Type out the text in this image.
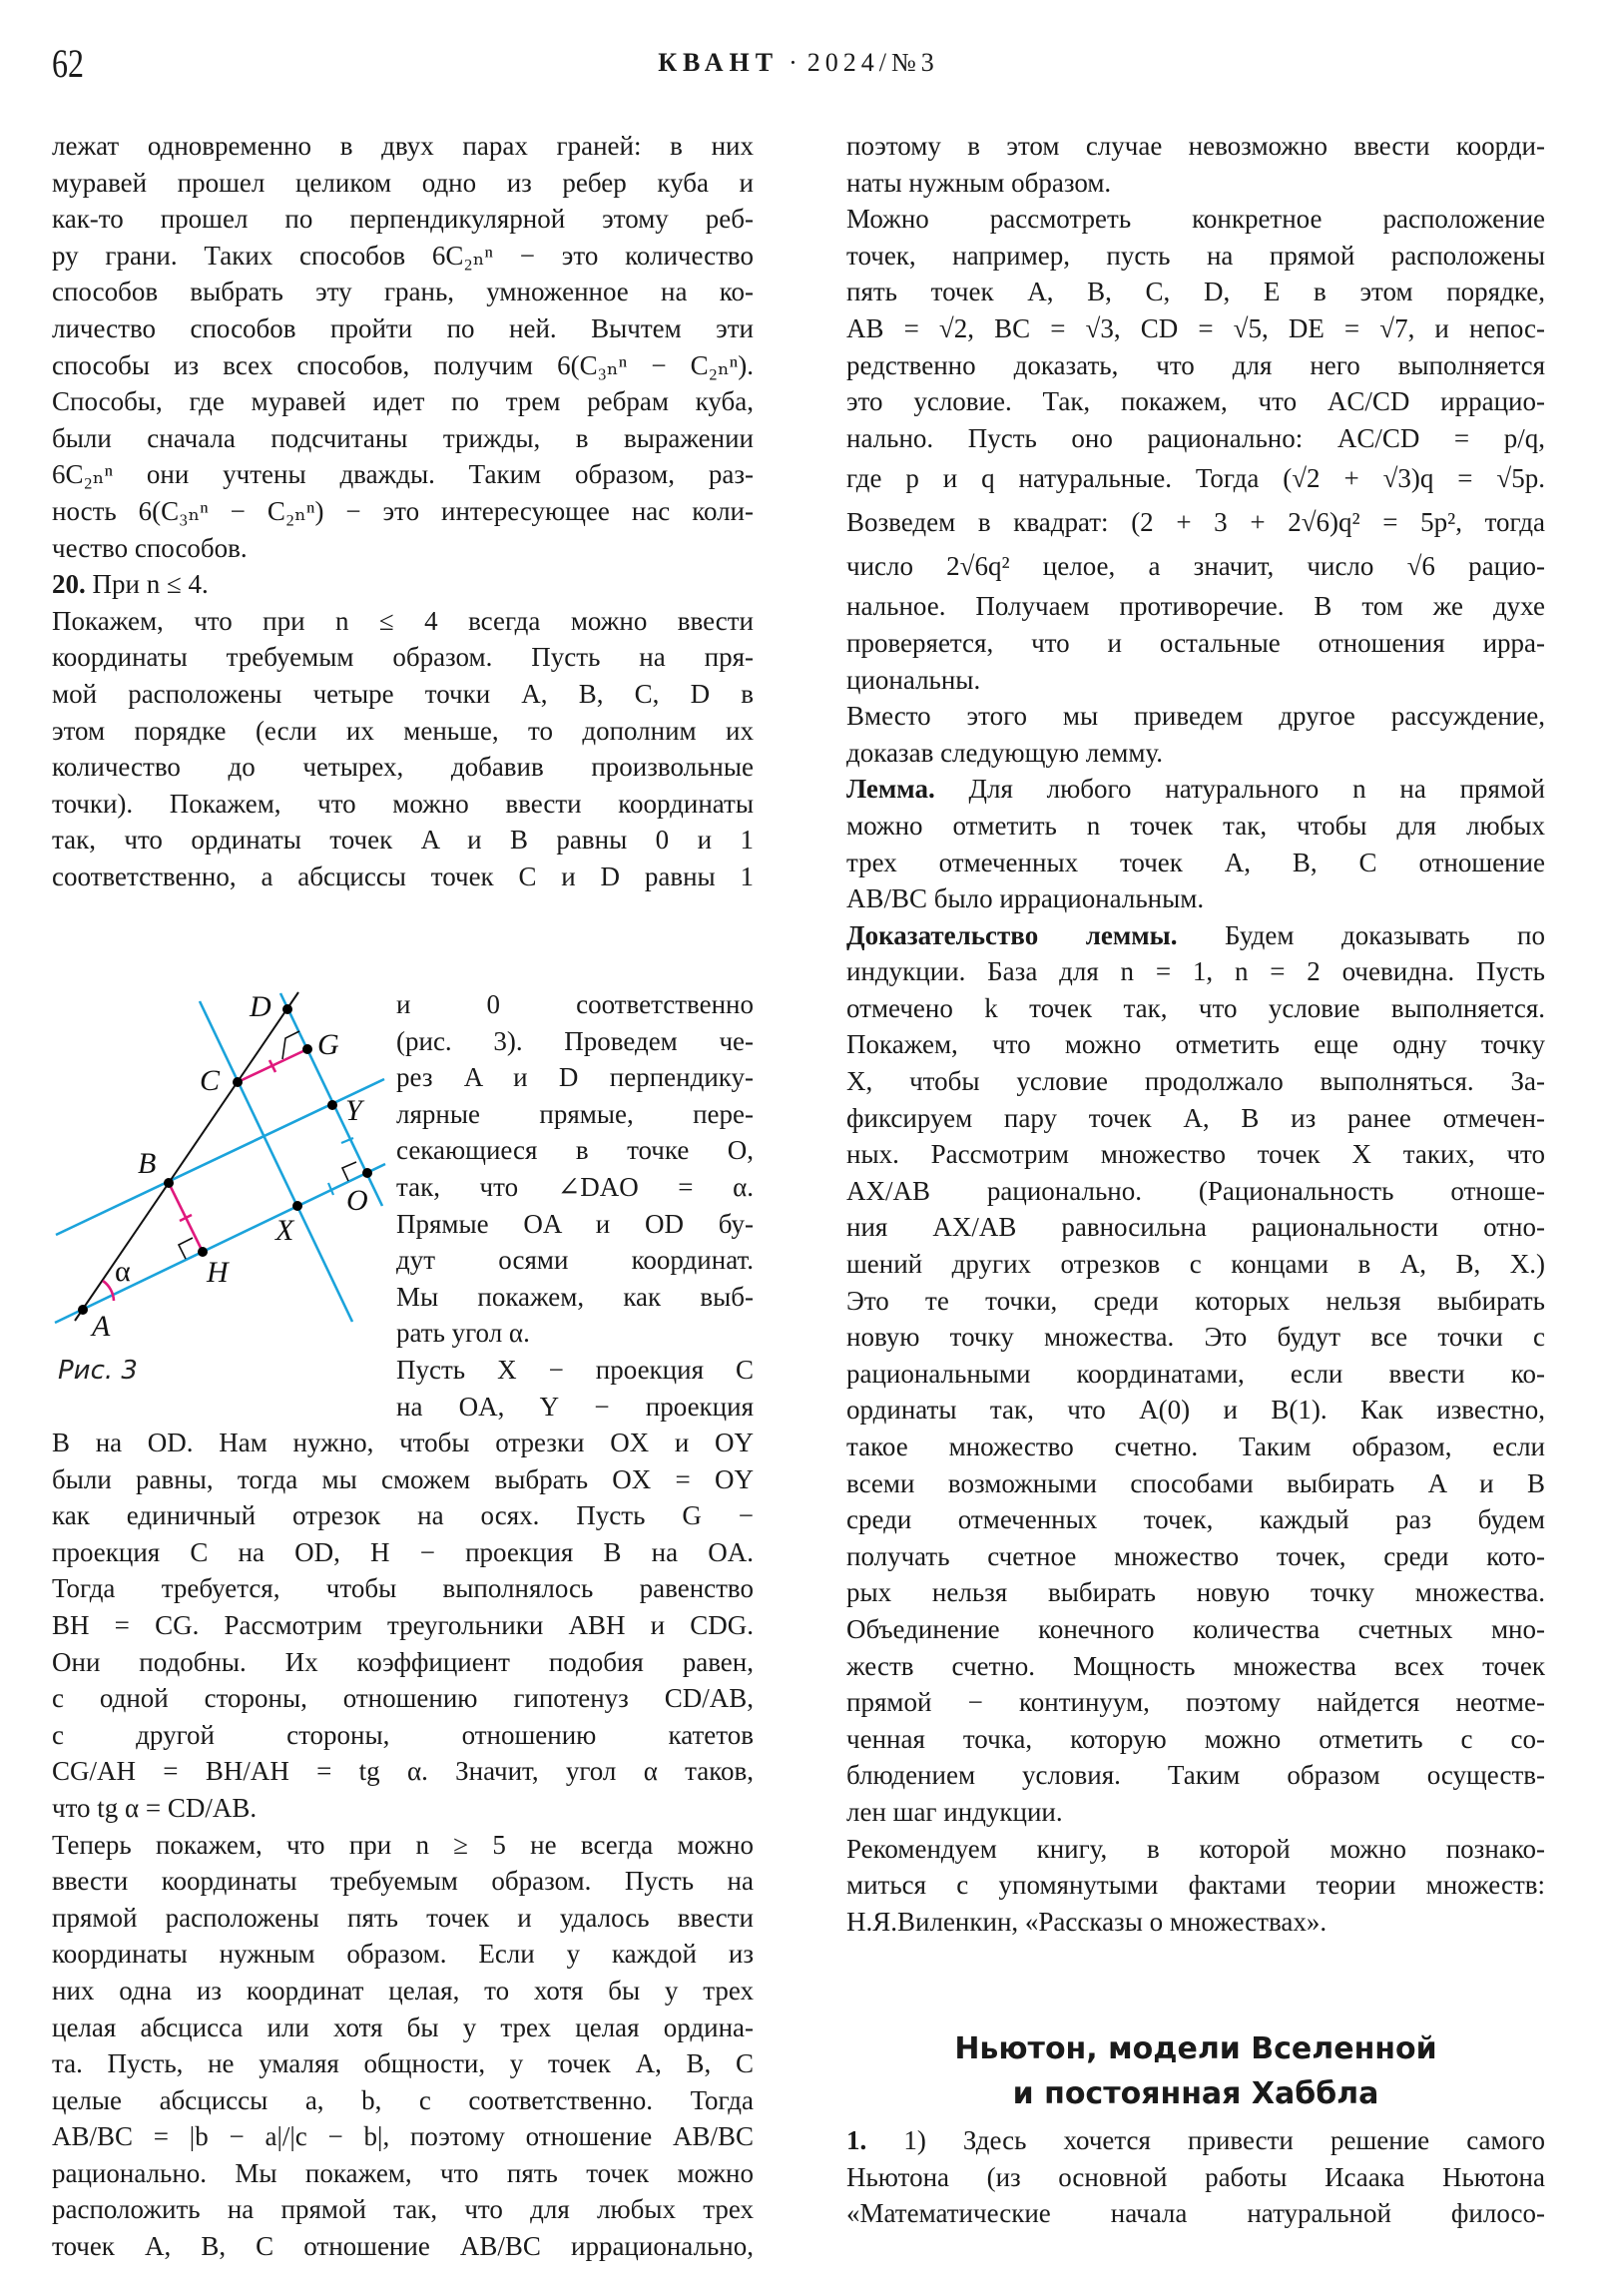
62	КВАНТ · 2024/№3
лежат одновременно в двух парах граней: в них
муравей прошел целиком одно из ребер куба и
как-то прошел по перпендикулярной этому реб-
ру грани. Таких способов 6C₂ₙⁿ − это количество
способов выбрать эту грань, умноженное на ко-
личество способов пройти по ней. Вычтем эти
способы из всех способов, получим 6(C₃ₙⁿ − C₂ₙⁿ).
Способы, где муравей идет по трем ребрам куба,
были сначала подсчитаны трижды, в выражении
6C₂ₙⁿ они учтены дважды. Таким образом, раз-
ность 6(C₃ₙⁿ − C₂ₙⁿ) − это интересующее нас коли-
чество способов.
20. При n ≤ 4.
Покажем, что при n ≤ 4 всегда можно ввести
координаты требуемым образом. Пусть на пря-
мой расположены четыре точки A, B, C, D в
этом порядке (если их меньше, то дополним их
количество до четырех, добавив произвольные
точки). Покажем, что можно ввести координаты
так, что ординаты точек A и B равны 0 и 1
соответственно, а абсциссы точек C и D равны 1
и 0 соответственно
(рис. 3). Проведем че-
рез A и D перпендику-
лярные прямые, пере-
секающиеся в точке O,
так, что ∠DAO = α.
Прямые OA и OD бу-
дут осями координат.
Мы покажем, как выб-
рать угол α.
Пусть X − проекция C
на OA, Y − проекция
B на OD. Нам нужно, чтобы отрезки OX и OY
были равны, тогда мы сможем выбрать OX = OY
как единичный отрезок на осях. Пусть G −
проекция C на OD, H − проекция B на OA.
Тогда требуется, чтобы выполнялось равенство
BH = CG. Рассмотрим треугольники ABH и CDG.
Они подобны. Их коэффициент подобия равен,
с одной стороны, отношению гипотенуз CD/AB,
с другой стороны, отношению катетов
CG/AH = BH/AH = tg α. Значит, угол α таков,
что tg α = CD/AB.
Теперь покажем, что при n ≥ 5 не всегда можно
ввести координаты требуемым образом. Пусть на
прямой расположены пять точек и удалось ввести
координаты нужным образом. Если у каждой из
них одна из координат целая, то хотя бы у трех
целая абсцисса или хотя бы у трех целая ордина-
та. Пусть, не умаляя общности, у точек A, B, C
целые абсциссы a, b, c соответственно. Тогда
AB/BC = |b − a|/|c − b|, поэтому отношение AB/BC
рационально. Мы покажем, что пять точек можно
расположить на прямой так, что для любых трех
точек A, B, C отношение AB/BC иррационально,
поэтому в этом случае невозможно ввести коорди-
наты нужным образом.
Можно рассмотреть конкретное расположение
точек, например, пусть на прямой расположены
пять точек A, B, C, D, E в этом порядке,
AB = √2, BC = √3, CD = √5, DE = √7, и непос-
редственно доказать, что для него выполняется
это условие. Так, покажем, что AC/CD иррацио-
нально. Пусть оно рационально: AC/CD = p/q,
где p и q натуральные. Тогда (√2 + √3)q = √5p.
Возведем в квадрат: (2 + 3 + 2√6)q² = 5p², тогда
число 2√6q² целое, а значит, число √6 рацио-
нальное. Получаем противоречие. В том же духе
проверяется, что и остальные отношения ирра-
циональны.
Вместо этого мы приведем другое рассуждение,
доказав следующую лемму.
Лемма. Для любого натурального n на прямой
можно отметить n точек так, чтобы для любых
трех отмеченных точек A, B, C отношение
AB/BC было иррациональным.
Доказательство леммы. Будем доказывать по
индукции. База для n = 1, n = 2 очевидна. Пусть
отмечено k точек так, что условие выполняется.
Покажем, что можно отметить еще одну точку
X, чтобы условие продолжало выполняться. За-
фиксируем пару точек A, B из ранее отмечен-
ных. Рассмотрим множество точек X таких, что
AX/AB рационально. (Рациональность отноше-
ния AX/AB равносильна рациональности отно-
шений других отрезков с концами в A, B, X.)
Это те точки, среди которых нельзя выбирать
новую точку множества. Это будут все точки с
рациональными координатами, если ввести ко-
ординаты так, что A(0) и B(1). Как известно,
такое множество счетно. Таким образом, если
всеми возможными способами выбирать A и B
среди отмеченных точек, каждый раз будем
получать счетное множество точек, среди кото-
рых нельзя выбирать новую точку множества.
Объединение конечного количества счетных мно-
жеств счетно. Мощность множества всех точек
прямой − континуум, поэтому найдется неотме-
ченная точка, которую можно отметить с со-
блюдением условия. Таким образом осуществ-
лен шаг индукции.
Рекомендуем книгу, в которой можно познако-
миться с упомянутыми фактами теории множеств:
Н.Я.Виленкин, «Рассказы о множествах».
Ньютон, модели Вселенной
и постоянная Хаббла
1. 1) Здесь хочется привести решение самого
Ньютона (из основной работы Исаака Ньютона
«Математические начала натуральной филосо-
A
B
C
D
G
Y
O
X
H
α
Рис. 3
